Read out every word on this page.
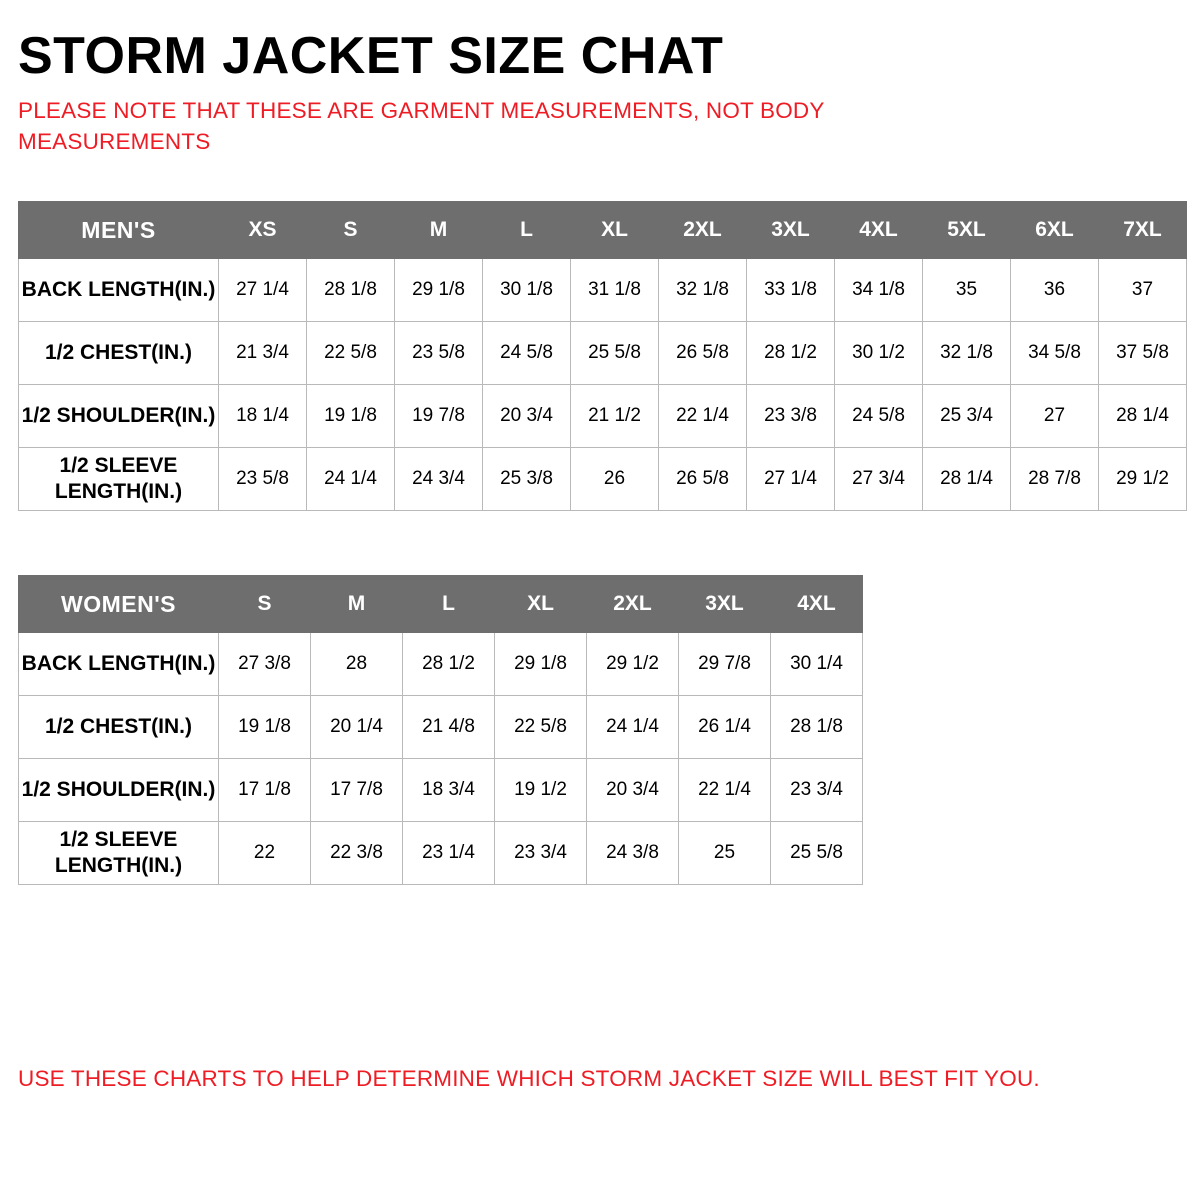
STORM JACKET SIZE CHAT

PLEASE NOTE THAT THESE ARE GARMENT MEASUREMENTS, NOT BODY MEASUREMENTS

MEN'S	XS	S	M	L	XL	2XL	3XL	4XL	5XL	6XL	7XL
BACK LENGTH(IN.)	27 1/4	28 1/8	29 1/8	30 1/8	31 1/8	32 1/8	33 1/8	34 1/8	35	36	37
1/2 CHEST(IN.)	21 3/4	22 5/8	23 5/8	24 5/8	25 5/8	26 5/8	28 1/2	30 1/2	32 1/8	34 5/8	37 5/8
1/2 SHOULDER(IN.)	18 1/4	19 1/8	19 7/8	20 3/4	21 1/2	22 1/4	23 3/8	24 5/8	25 3/4	27	28 1/4
1/2 SLEEVE LENGTH(IN.)	23 5/8	24 1/4	24 3/4	25 3/8	26	26 5/8	27 1/4	27 3/4	28 1/4	28 7/8	29 1/2
WOMEN'S	S	M	L	XL	2XL	3XL	4XL
BACK LENGTH(IN.)	27 3/8	28	28 1/2	29 1/8	29 1/2	29 7/8	30 1/4
1/2 CHEST(IN.)	19 1/8	20 1/4	21 4/8	22 5/8	24 1/4	26 1/4	28 1/8
1/2 SHOULDER(IN.)	17 1/8	17 7/8	18 3/4	19 1/2	20 3/4	22 1/4	23 3/4
1/2 SLEEVE LENGTH(IN.)	22	22 3/8	23 1/4	23 3/4	24 3/8	25	25 5/8
USE THESE CHARTS TO HELP DETERMINE WHICH STORM JACKET SIZE WILL BEST FIT YOU.
